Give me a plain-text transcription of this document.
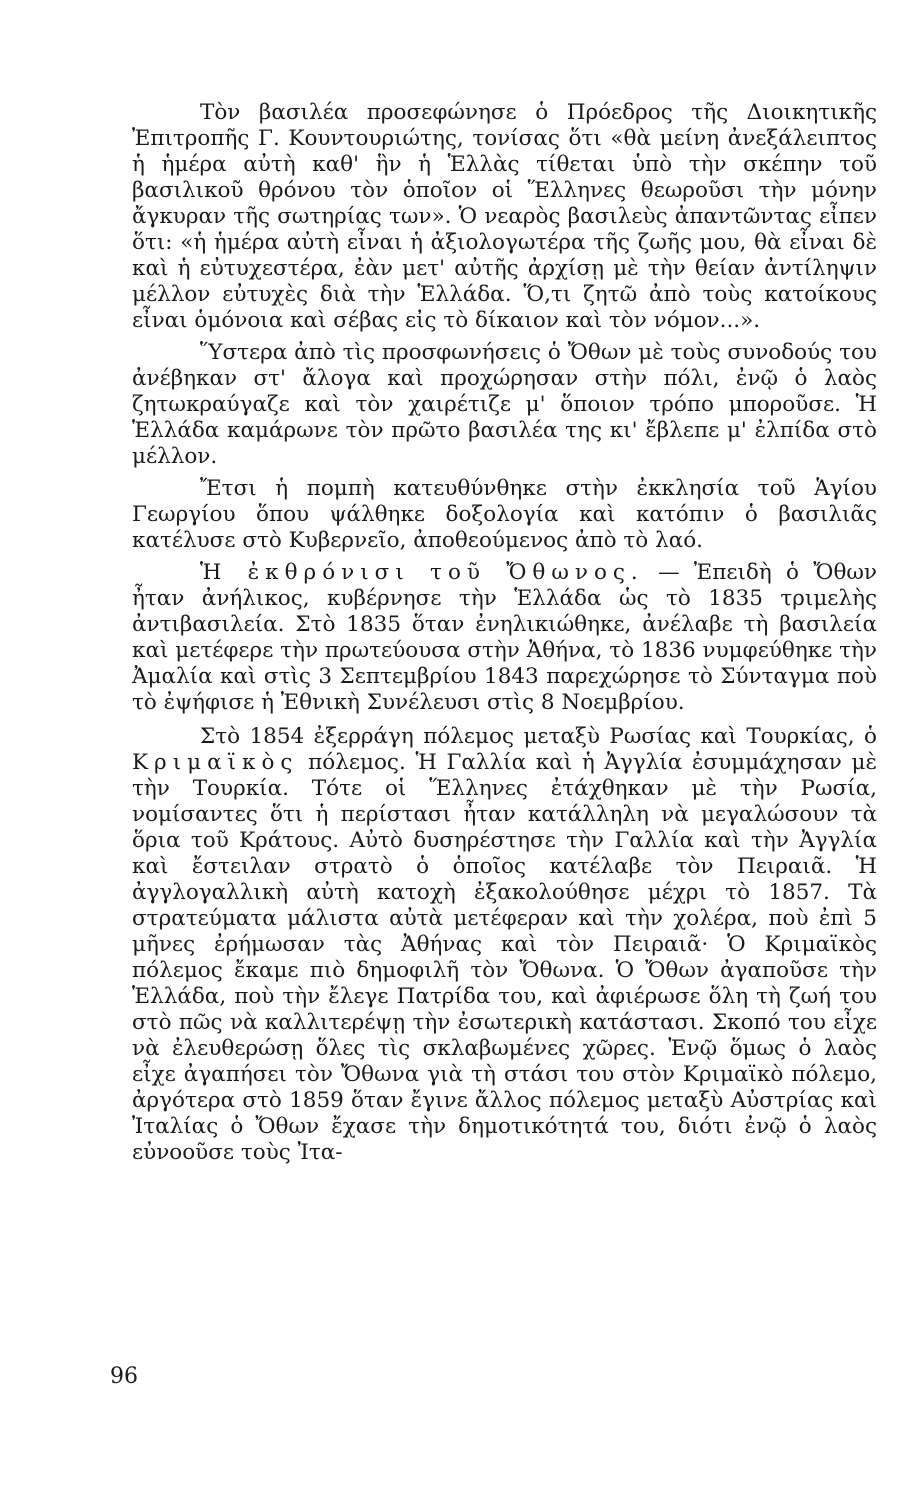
Τὸν βασιλέα προσεφώνησε ὁ Πρόεδρος τῆς Διοικητικῆς Ἐπιτροπῆς Γ. Κουντουριώτης, τονίσας ὅτι «θὰ μείνη ἀνεξάλειπτος ἡ ἡμέρα αὐτὴ καθ' ἣν ἡ Ἑλλὰς τίθεται ὑπὸ τὴν σκέπην τοῦ βασιλικοῦ θρόνου τὸν ὁποῖον οἱ Ἕλληνες θεωροῦσι τὴν μόνην ἄγκυραν τῆς σωτηρίας των». Ὁ νεαρὸς βασιλεὺς ἀπαντῶντας εἶπεν ὅτι: «ἡ ἡμέρα αὐτὴ εἶναι ἡ ἀξιολογωτέρα τῆς ζωῆς μου, θὰ εἶναι δὲ καὶ ἡ εὐτυχεστέρα, ἐὰν μετ' αὐτῆς ἀρχίσῃ μὲ τὴν θείαν ἀντίληψιν μέλλον εὐτυχὲς διὰ τὴν Ἑλλάδα. Ὅ,τι ζητῶ ἀπὸ τοὺς κατοίκους εἶναι ὁμόνοια καὶ σέβας εἰς τὸ δίκαιον καὶ τὸν νόμον...».

Ὕστερα ἀπὸ τὶς προσφωνήσεις ὁ Ὄθων μὲ τοὺς συνοδούς του ἀνέβηκαν στ' ἄλογα καὶ προχώρησαν στὴν πόλι, ἐνῷ ὁ λαὸς ζητωκραύγαζε καὶ τὸν χαιρέτιζε μ' ὅποιον τρόπο μποροῦσε. Ἡ Ἑλλάδα καμάρωνε τὸν πρῶτο βασιλέα της κι' ἔβλεπε μ' ἐλπίδα στὸ μέλλον.

Ἔτσι ἡ πομπὴ κατευθύνθηκε στὴν ἐκκλησία τοῦ Ἁγίου Γεωργίου ὅπου ψάλθηκε δοξολογία καὶ κατόπιν ὁ βασιλιᾶς κατέλυσε στὸ Κυβερνεῖο, ἀποθεούμενος ἀπὸ τὸ λαό.

Ἡ ἐκθρόνισι τοῦ Ὄθωνος. — Ἐπειδὴ ὁ Ὄθων ἦταν ἀνήλικος, κυβέρνησε τὴν Ἑλλάδα ὡς τὸ 1835 τριμελὴς ἀντιβασιλεία. Στὸ 1835 ὅταν ἐνηλικιώθηκε, ἀνέλαβε τὴ βασιλεία καὶ μετέφερε τὴν πρωτεύουσα στὴν Ἀθήνα, τὸ 1836 νυμφεύθηκε τὴν Ἀμαλία καὶ στὶς 3 Σεπτεμβρίου 1843 παρεχώρησε τὸ Σύνταγμα ποὺ τὸ ἐψήφισε ἡ Ἐθνικὴ Συνέλευσι στὶς 8 Νοεμβρίου.

Στὸ 1854 ἐξερράγη πόλεμος μεταξὺ Ρωσίας καὶ Τουρκίας, ὁ Κριμαϊκὸς πόλεμος. Ἡ Γαλλία καὶ ἡ Ἀγγλία ἐσυμμάχησαν μὲ τὴν Τουρκία. Τότε οἱ Ἕλληνες ἐτάχθηκαν μὲ τὴν Ρωσία, νομίσαντες ὅτι ἡ περίστασι ἦταν κατάλληλη νὰ μεγαλώσουν τὰ ὅρια τοῦ Κράτους. Αὐτὸ δυσηρέστησε τὴν Γαλλία καὶ τὴν Ἀγγλία καὶ ἔστειλαν στρατὸ ὁ ὁποῖος κατέλαβε τὸν Πειραιᾶ. Ἡ ἀγγλογαλλικὴ αὐτὴ κατοχὴ ἐξακολούθησε μέχρι τὸ 1857. Τὰ στρατεύματα μάλιστα αὐτὰ μετέφεραν καὶ τὴν χολέρα, ποὺ ἐπὶ 5 μῆνες ἐρήμωσαν τὰς Ἀθήνας καὶ τὸν Πειραιᾶ· Ὁ Κριμαϊκὸς πόλεμος ἔκαμε πιὸ δημοφιλῆ τὸν Ὄθωνα. Ὁ Ὄθων ἀγαποῦσε τὴν Ἑλλάδα, ποὺ τὴν ἔλεγε Πατρίδα του, καὶ ἀφιέρωσε ὅλη τὴ ζωή του στὸ πῶς νὰ καλλιτερέψῃ τὴν ἐσωτερικὴ κατάστασι. Σκοπό του εἶχε νὰ ἐλευθερώσῃ ὅλες τὶς σκλαβωμένες χῶρες. Ἐνῷ ὅμως ὁ λαὸς εἶχε ἀγαπήσει τὸν Ὄθωνα γιὰ τὴ στάσι του στὸν Κριμαϊκὸ πόλεμο, ἀργότερα στὸ 1859 ὅταν ἔγινε ἄλλος πόλεμος μεταξὺ Αὐστρίας καὶ Ἰταλίας ὁ Ὄθων ἔχασε τὴν δημοτικότητά του, διότι ἐνῷ ὁ λαὸς εὐνοοῦσε τοὺς Ἰτα-

96
